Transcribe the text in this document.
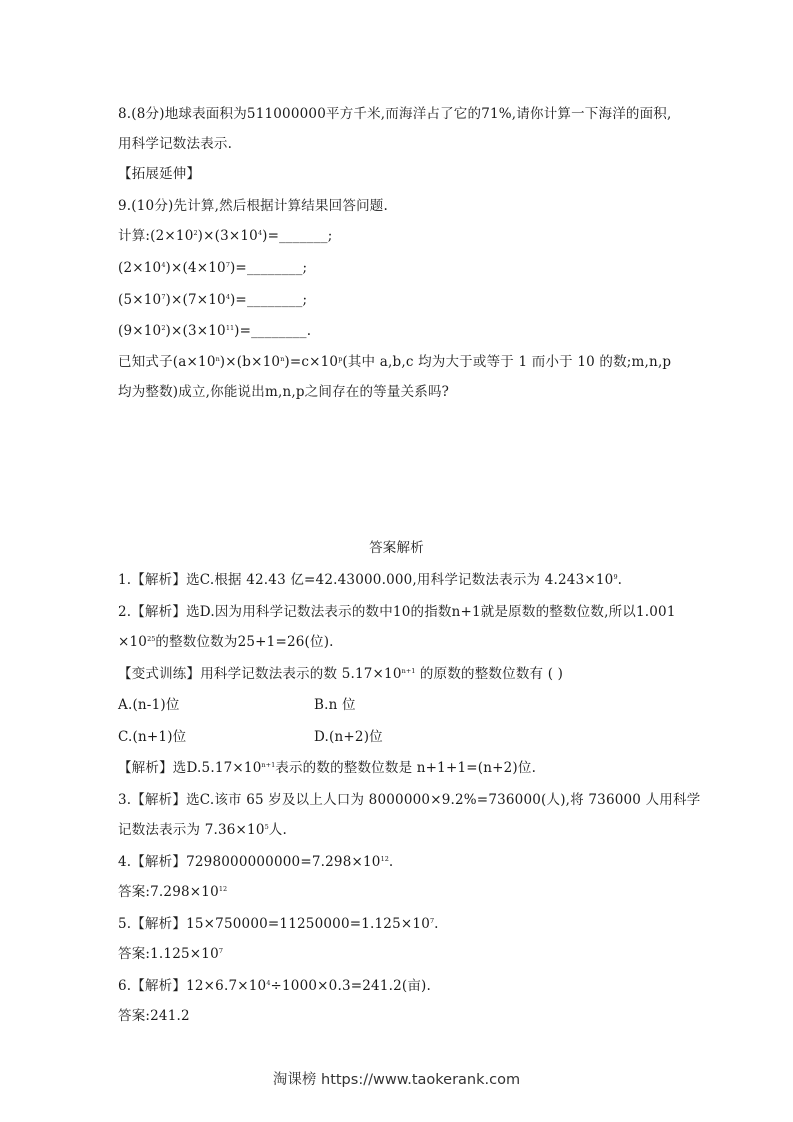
8.(8分)地球表面积为511000000平方千米,而海洋占了它的71%,请你计算一下海洋的面积,
用科学记数法表示.
【拓展延伸】
9.(10分)先计算,然后根据计算结果回答问题.
计算$:(2\times 10^2)\times(3\times 10^4)=\_\_\_\_\_\_\_$;
$(2\times 10^4)\times(4\times 10^7)=\_\_\_\_\_\_\_\_$;
$(5\times 10^7)\times(7\times 10^4)=\_\_\_\_\_\_\_\_$;
$(9\times 10^2)\times(3\times 10^{11})=\_\_\_\_\_\_\_\_$.
已知式子$(a\times 10^n)\times(b\times 10^n)=c\times 10^p$(其中 a,b,c 均为大于或等于 1 而小于 10 的数;m,n,p
均为整数)成立,你能说出m,n,p之间存在的等量关系吗?
答案解析
1.【解析】选C.根据 42.43 亿=42.43000.000,用科学记数法表示为 $4.243\times 10^9$.
2.【解析】选D.因为用科学记数法表示的数中10的指数n+1就是原数的整数位数,所以1.001
$\times 10^{25}$的整数位数为25+1=26(位).
【变式训练】用科学记数法表示的数 $5.17\times 10^{n+1}$ 的原数的整数位数有 ( )
A.(n-1)位	B.n 位
C.(n+1)位	D.(n+2)位
【解析】选$D.5.17\times 10^{n+1}$表示的数的整数位数是 n+1+1=(n+2)位.
3.【解析】选C.该市 65 岁及以上人口为 8000000×9.2%=736000(人),将 736000 人用科学
记数法表示为 $7.36\times 10^5$人.
4.【解析】$7298000000000=7.298\times 10^{12}$.
答案$:7.298\times 10^{12}$
5.【解析】$15\times 750000=11250000=1.125\times 10^7$.
答案$:1.125\times 10^7$
6.【解析】$12\times 6.7\times 10^4\div 1000\times 0.3=241.2$(亩).
答案:241.2
淘课榜 https://www.taokerank.com
